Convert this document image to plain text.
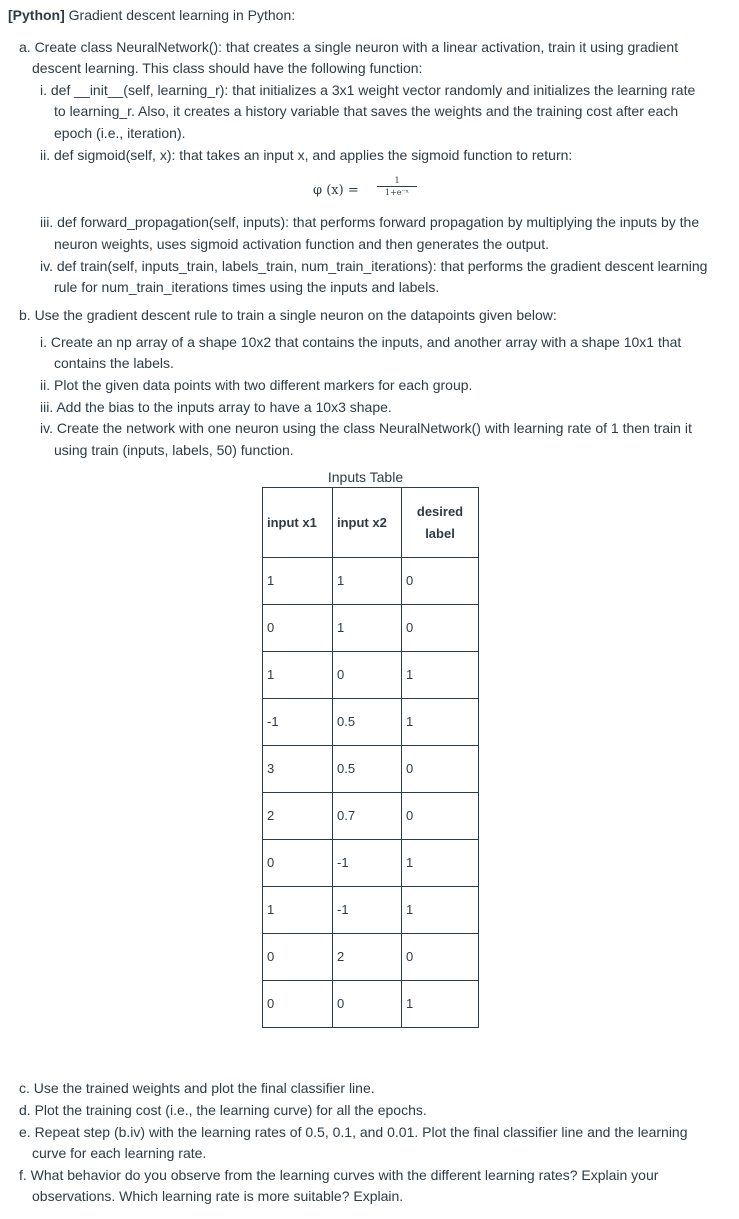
[Python] Gradient descent learning in Python:
a. Create class NeuralNetwork(): that creates a single neuron with a linear activation, train it using gradient
descent learning. This class should have the following function:
i. def __init__(self, learning_r): that initializes a 3x1 weight vector randomly and initializes the learning rate
to learning_r. Also, it creates a history variable that saves the weights and the training cost after each
epoch (i.e., iteration).
ii. def sigmoid(self, x): that takes an input x, and applies the sigmoid function to return:
φ (x) =
1
1+e⁻ˣ
iii. def forward_propagation(self, inputs): that performs forward propagation by multiplying the inputs by the
neuron weights, uses sigmoid activation function and then generates the output.
iv. def train(self, inputs_train, labels_train, num_train_iterations): that performs the gradient descent learning
rule for num_train_iterations times using the inputs and labels.
b. Use the gradient descent rule to train a single neuron on the datapoints given below:
i. Create an np array of a shape 10x2 that contains the inputs, and another array with a shape 10x1 that
contains the labels.
ii. Plot the given data points with two different markers for each group.
iii. Add the bias to the inputs array to have a 10x3 shape.
iv. Create the network with one neuron using the class NeuralNetwork() with learning rate of 1 then train it
using train (inputs, labels, 50) function.
Inputs Table
input x1	input x2	desired
label
1	1	0
0	1	0
1	0	1
-1	0.5	1
3	0.5	0
2	0.7	0
0	-1	1
1	-1	1
0	2	0
0	0	1
c. Use the trained weights and plot the final classifier line.
d. Plot the training cost (i.e., the learning curve) for all the epochs.
e. Repeat step (b.iv) with the learning rates of 0.5, 0.1, and 0.01. Plot the final classifier line and the learning
curve for each learning rate.
f. What behavior do you observe from the learning curves with the different learning rates? Explain your
observations. Which learning rate is more suitable? Explain.
